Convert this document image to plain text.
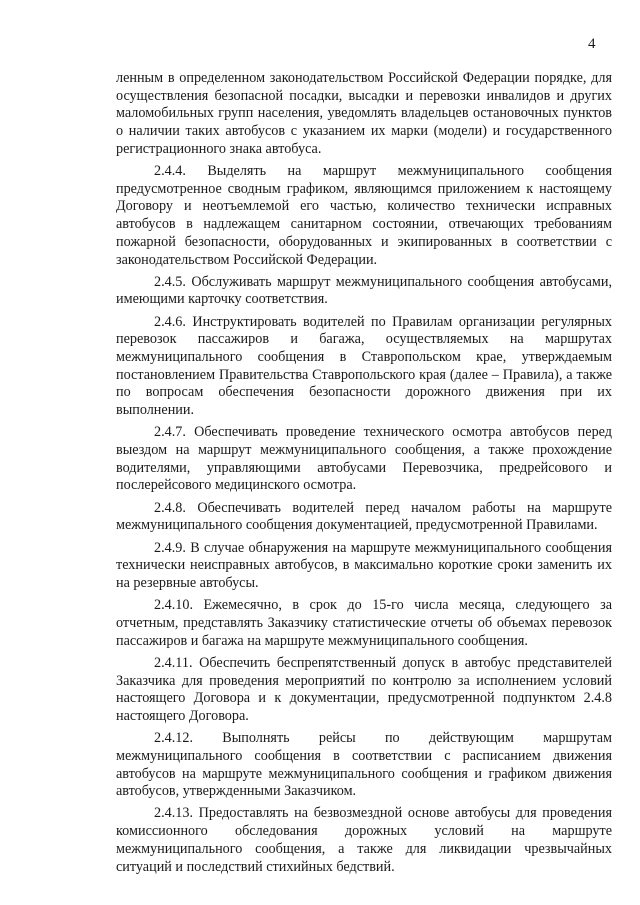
4

ленным в определенном законодательством Российской Федерации порядке, для осуществления безопасной посадки, высадки и перевозки инвалидов и других маломобильных групп населения, уведомлять владельцев остановочных пунктов о наличии таких автобусов с указанием их марки (модели) и государственного регистрационного знака автобуса.

2.4.4. Выделять на маршрут межмуниципального сообщения предусмотренное сводным графиком, являющимся приложением к настоящему Договору и неотъемлемой его частью, количество технически исправных автобусов в надлежащем санитарном состоянии, отвечающих требованиям пожарной безопасности, оборудованных и экипированных в соответствии с законодательством Российской Федерации.

2.4.5. Обслуживать маршрут межмуниципального сообщения автобусами, имеющими карточку соответствия.

2.4.6. Инструктировать водителей по Правилам организации регулярных перевозок пассажиров и багажа, осуществляемых на маршрутах межмуниципального сообщения в Ставропольском крае, утверждаемым постановлением Правительства Ставропольского края (далее – Правила), а также по вопросам обеспечения безопасности дорожного движения при их выполнении.

2.4.7. Обеспечивать проведение технического осмотра автобусов перед выездом на маршрут межмуниципального сообщения, а также прохождение водителями, управляющими автобусами Перевозчика, предрейсового и послерейсового медицинского осмотра.

2.4.8. Обеспечивать водителей перед началом работы на маршруте межмуниципального сообщения документацией, предусмотренной Правилами.

2.4.9. В случае обнаружения на маршруте межмуниципального сообщения технически неисправных автобусов, в максимально короткие сроки заменить их на резервные автобусы.

2.4.10. Ежемесячно, в срок до 15-го числа месяца, следующего за отчетным, представлять Заказчику статистические отчеты об объемах перевозок пассажиров и багажа на маршруте межмуниципального сообщения.

2.4.11. Обеспечить беспрепятственный допуск в автобус представителей Заказчика для проведения мероприятий по контролю за исполнением условий настоящего Договора и к документации, предусмотренной подпунктом 2.4.8 настоящего Договора.

2.4.12. Выполнять рейсы по действующим маршрутам межмуниципального сообщения в соответствии с расписанием движения автобусов на маршруте межмуниципального сообщения и графиком движения автобусов, утвержденными Заказчиком.

2.4.13. Предоставлять на безвозмездной основе автобусы для проведения комиссионного обследования дорожных условий на маршруте межмуниципального сообщения, а также для ликвидации чрезвычайных ситуаций и последствий стихийных бедствий.
